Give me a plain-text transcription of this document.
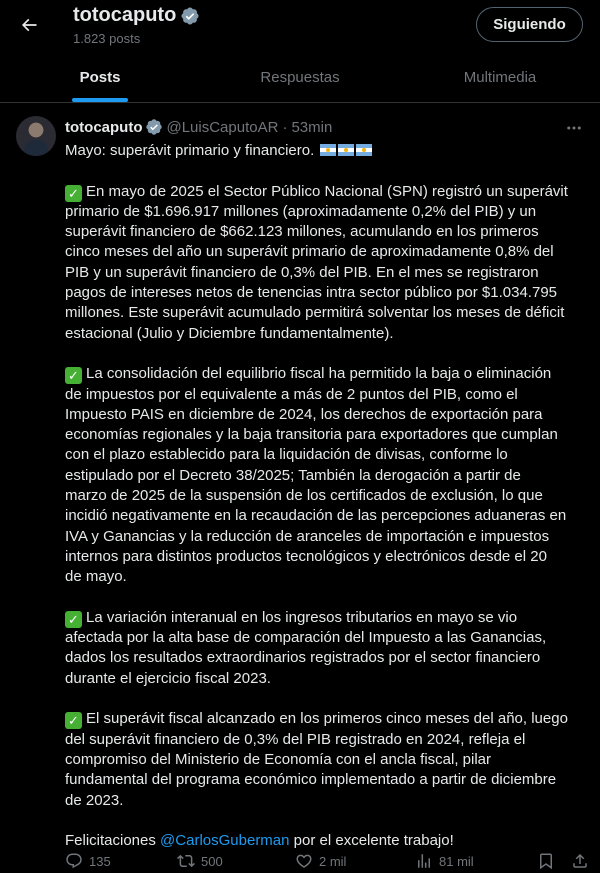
totocaputo
1.823 posts
Siguiendo
Posts	Respuestas	Multimedia
totocaputo @LuisCaputoAR · 53min

Mayo: superávit primario y financiero.

✓ En mayo de 2025 el Sector Público Nacional (SPN) registró un superávit
primario de $1.696.917 millones (aproximadamente 0,2% del PIB) y un
superávit financiero de $662.123 millones, acumulando en los primeros
cinco meses del año un superávit primario de aproximadamente 0,8% del
PIB y un superávit financiero de 0,3% del PIB. En el mes se registraron
pagos de intereses netos de tenencias intra sector público por $1.034.795
millones. Este superávit acumulado permitirá solventar los meses de déficit
estacional (Julio y Diciembre fundamentalmente).

✓ La consolidación del equilibrio fiscal ha permitido la baja o eliminación
de impuestos por el equivalente a más de 2 puntos del PIB, como el
Impuesto PAIS en diciembre de 2024, los derechos de exportación para
economías regionales y la baja transitoria para exportadores que cumplan
con el plazo establecido para la liquidación de divisas, conforme lo
estipulado por el Decreto 38/2025; También la derogación a partir de
marzo de 2025 de la suspensión de los certificados de exclusión, lo que
incidió negativamente en la recaudación de las percepciones aduaneras en
IVA y Ganancias y la reducción de aranceles de importación e impuestos
internos para distintos productos tecnológicos y electrónicos desde el 20
de mayo.

✓ La variación interanual en los ingresos tributarios en mayo se vio
afectada por la alta base de comparación del Impuesto a las Ganancias,
dados los resultados extraordinarios registrados por el sector financiero
durante el ejercicio fiscal 2023.

✓ El superávit fiscal alcanzado en los primeros cinco meses del año, luego
del superávit financiero de 0,3% del PIB registrado en 2024, refleja el
compromiso del Ministerio de Economía con el ancla fiscal, pilar
fundamental del programa económico implementado a partir de diciembre
de 2023.

Felicitaciones @CarlosGuberman por el excelente trabajo!

135	500	2 mil	81 mil
